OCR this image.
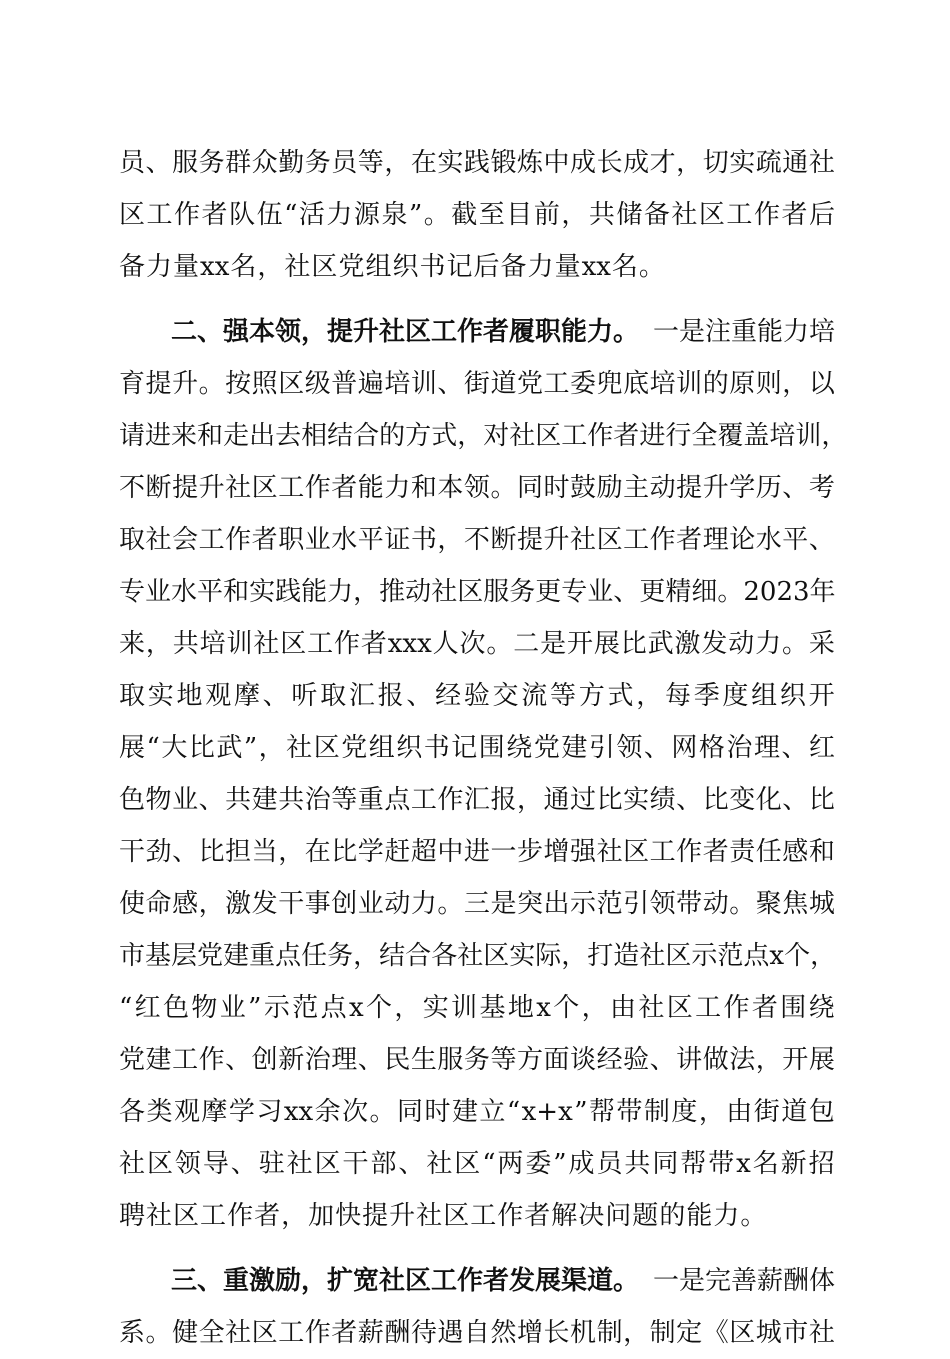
员 、 服 务 群 众 勤 务 员 等 ， 在 实 践 锻 炼 中 成 长 成 才 ， 切 实 疏 通 社
区 工 作 者 队 伍 “ 活 力 源 泉 ” 。 截 至 目 前 ， 共 储 备 社 区 工 作 者 后
备 力 量 xx 名 ， 社 区 党 组 织 书 记 后 备 力 量 xx 名 。
二、强本领，提升社区工作者履职能力。 一是注重能力培
育 提 升 。 按 照 区 级 普 遍 培 训 、 街 道 党 工 委 兜 底 培 训 的 原 则 ， 以
请 进 来 和 走 出 去 相 结 合 的 方 式 ， 对 社 区 工 作 者 进 行 全 覆 盖 培 训 ，
不 断 提 升 社 区 工 作 者 能 力 和 本 领 。 同 时 鼓 励 主 动 提 升 学 历 、 考
取 社 会 工 作 者 职 业 水 平 证 书 ， 不 断 提 升 社 区 工 作 者 理 论 水 平 、
专 业 水 平 和 实 践 能 力 ， 推 动 社 区 服 务 更 专 业 、 更 精 细 。 2023 年
来 ， 共 培 训 社 区 工 作 者 xxx 人 次 。 二 是 开 展 比 武 激 发 动 力 。 采
取 实 地 观 摩 、 听 取 汇 报 、 经 验 交 流 等 方 式 ， 每 季 度 组 织 开
展 “ 大 比 武 ” ， 社 区 党 组 织 书 记 围 绕 党 建 引 领 、 网 格 治 理 、 红
色 物 业 、 共 建 共 治 等 重 点 工 作 汇 报 ， 通 过 比 实 绩 、 比 变 化 、 比
干 劲 、 比 担 当 ， 在 比 学 赶 超 中 进 一 步 增 强 社 区 工 作 者 责 任 感 和
使 命 感 ， 激 发 干 事 创 业 动 力 。 三 是 突 出 示 范 引 领 带 动 。 聚 焦 城
市 基 层 党 建 重 点 任 务 ， 结 合 各 社 区 实 际 ， 打 造 社 区 示 范 点 x 个 ，
“ 红 色 物 业 ” 示 范 点 x 个 ， 实 训 基 地 x 个 ， 由 社 区 工 作 者 围 绕
党 建 工 作 、 创 新 治 理 、 民 生 服 务 等 方 面 谈 经 验 、 讲 做 法 ， 开 展
各 类 观 摩 学 习 xx 余 次 。 同 时 建 立 “ x+x ” 帮 带 制 度 ， 由 街 道 包
社 区 领 导 、 驻 社 区 干 部 、 社 区 “ 两 委 ” 成 员 共 同 帮 带 x 名 新 招
聘 社 区 工 作 者 ， 加 快 提 升 社 区 工 作 者 解 决 问 题 的 能 力 。
三、重激励，扩宽社区工作者发展渠道。 一是完善薪酬体
系 。 健 全 社 区 工 作 者 薪 酬 待 遇 自 然 增 长 机 制 ， 制 定 《 区 城 市 社
